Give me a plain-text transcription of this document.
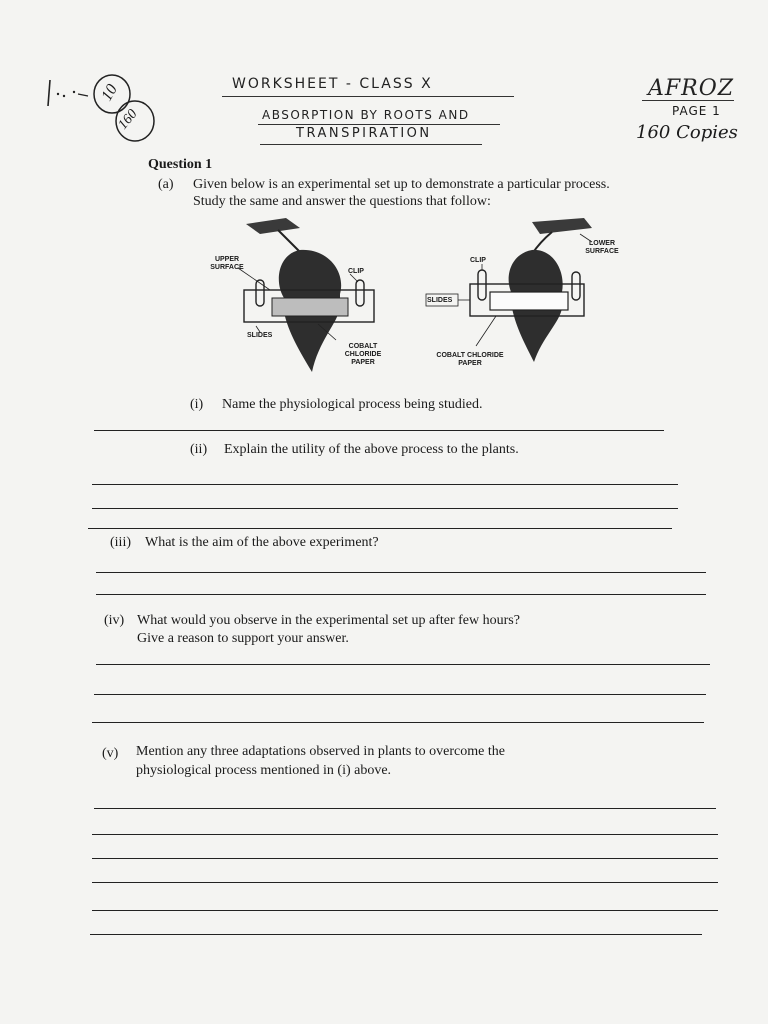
10
160
WORKSHEET - CLASS X
ABSORPTION BY ROOTS AND
TRANSPIRATION
AFROZ
PAGE 1
160 Copies
Question 1
(a) Given below is an experimental set up to demonstrate a particular process.
Study the same and answer the questions that follow:
UPPER SURFACE
CLIP
SLIDES
COBALT CHLORIDE PAPER
LOWER SURFACE
CLIP
SLIDES
COBALT CHLORIDE PAPER
(i) Name the physiological process being studied.
(ii) Explain the utility of the above process to the plants.
(iii) What is the aim of the above experiment?
(iv) What would you observe in the experimental set up after few hours?
Give a reason to support your answer.
(v) Mention any three adaptations observed in plants to overcome the
physiological process mentioned in (i) above.
